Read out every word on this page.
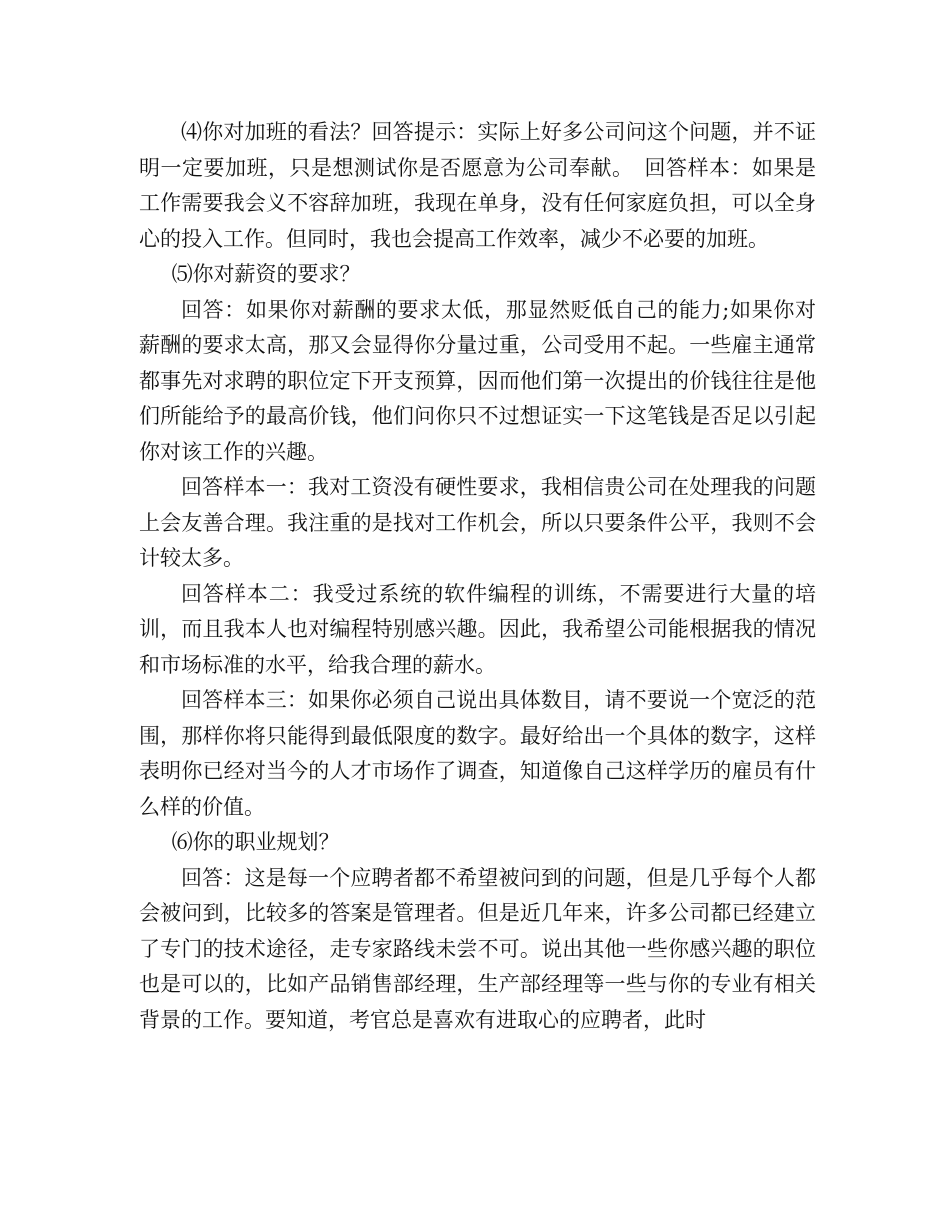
⑷你对加班的看法？回答提示：实际上好多公司问这个问题，并不证明一定要加班，只是想测试你是否愿意为公司奉献。　回答样本：如果是工作需要我会义不容辞加班，我现在单身，没有任何家庭负担，可以全身心的投入工作。但同时，我也会提高工作效率，减少不必要的加班。

⑸你对薪资的要求？

回答：如果你对薪酬的要求太低，那显然贬低自己的能力;如果你对薪酬的要求太高，那又会显得你分量过重，公司受用不起。一些雇主通常都事先对求聘的职位定下开支预算，因而他们第一次提出的价钱往往是他们所能给予的最高价钱，他们问你只不过想证实一下这笔钱是否足以引起你对该工作的兴趣。

回答样本一：我对工资没有硬性要求，我相信贵公司在处理我的问题上会友善合理。我注重的是找对工作机会，所以只要条件公平，我则不会计较太多。

回答样本二：我受过系统的软件编程的训练，不需要进行大量的培训，而且我本人也对编程特别感兴趣。因此，我希望公司能根据我的情况和市场标准的水平，给我合理的薪水。

回答样本三：如果你必须自己说出具体数目，请不要说一个宽泛的范围，那样你将只能得到最低限度的数字。最好给出一个具体的数字，这样表明你已经对当今的人才市场作了调查，知道像自己这样学历的雇员有什么样的价值。

⑹你的职业规划？

回答：这是每一个应聘者都不希望被问到的问题，但是几乎每个人都会被问到，比较多的答案是管理者。但是近几年来，许多公司都已经建立了专门的技术途径，走专家路线未尝不可。说出其他一些你感兴趣的职位也是可以的，比如产品销售部经理，生产部经理等一些与你的专业有相关背景的工作。要知道，考官总是喜欢有进取心的应聘者，此时
